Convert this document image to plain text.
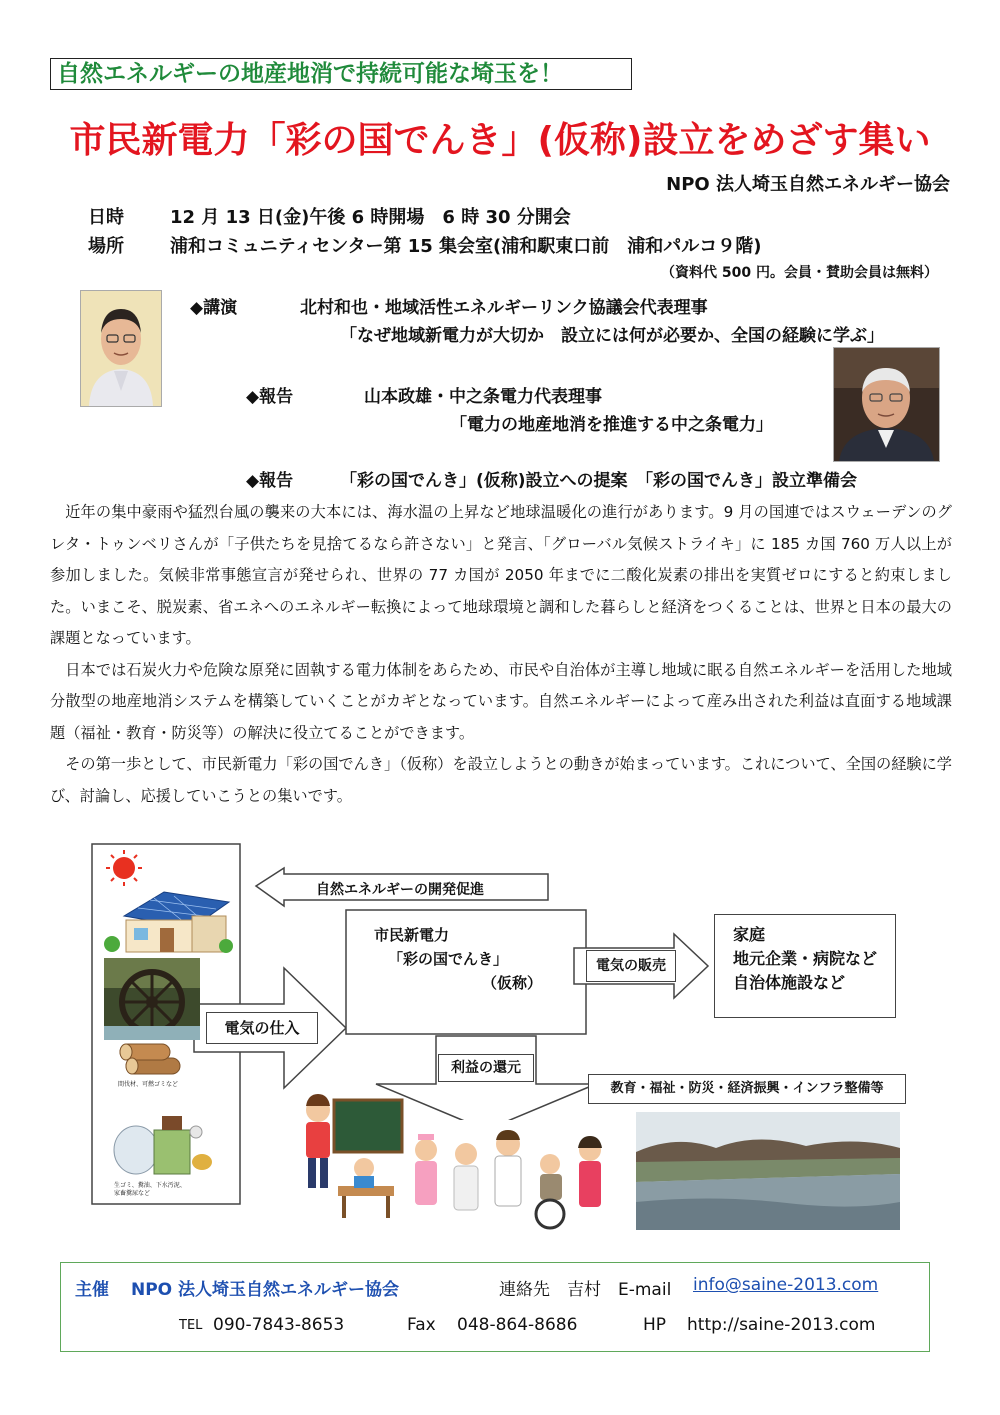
自然エネルギーの地産地消で持続可能な埼玉を！
市民新電力「彩の国でんき」(仮称)設立をめざす集い
NPO 法人埼玉自然エネルギー協会
日時	12 月 13 日(金)午後 6 時開場　6 時 30 分開会
場所	浦和コミュニティセンター第 15 集会室(浦和駅東口前　浦和パルコ９階)
（資料代 500 円。会員・賛助会員は無料）
◆講演	北村和也・地域活性エネルギーリンク協議会代表理事
「なぜ地域新電力が大切か　設立には何が必要か、全国の経験に学ぶ」
◆報告	山本政雄・中之条電力代表理事
「電力の地産地消を推進する中之条電力」
◆報告	「彩の国でんき」(仮称)設立への提案　「彩の国でんき」設立準備会

近年の集中豪雨や猛烈台風の襲来の大本には、海水温の上昇など地球温暖化の進行があります。9 月の国連ではスウェーデンのグレタ・トゥンベリさんが「子供たちを見捨てるなら許さない」と発言、「グローバル気候ストライキ」に 185 カ国 760 万人以上が参加しました。気候非常事態宣言が発せられ、世界の 77 カ国が 2050 年までに二酸化炭素の排出を実質ゼロにすると約束しました。いまこそ、脱炭素、省エネへのエネルギー転換によって地球環境と調和した暮らしと経済をつくることは、世界と日本の最大の課題となっています。

日本では石炭火力や危険な原発に固執する電力体制をあらため、市民や自治体が主導し地域に眠る自然エネルギーを活用した地域分散型の地産地消システムを構築していくことがカギとなっています。自然エネルギーによって産み出された利益は直面する地域課題（福祉・教育・防災等）の解決に役立てることができます。

その第一歩として、市民新電力「彩の国でんき」（仮称）を設立しようとの動きが始まっています。これについて、全国の経験に学び、討論し、応援していこうとの集いです。

間伐材、可燃ゴミなど
生ゴミ、糞油、下水汚泥、
家畜糞尿など
自然エネルギーの開発促進
電気の仕入
市民新電力
「彩の国でんき」
（仮称）
電気の販売
家庭
地元企業・病院など
自治体施設など
利益の還元
教育・福祉・防災・経済振興・インフラ整備等
主催 NPO 法人埼玉自然エネルギー協会	連絡先　吉村　E-mail info@saine-2013.com
TEL 090-7843-8653	Fax 048-864-8686	HP http://saine-2013.com
